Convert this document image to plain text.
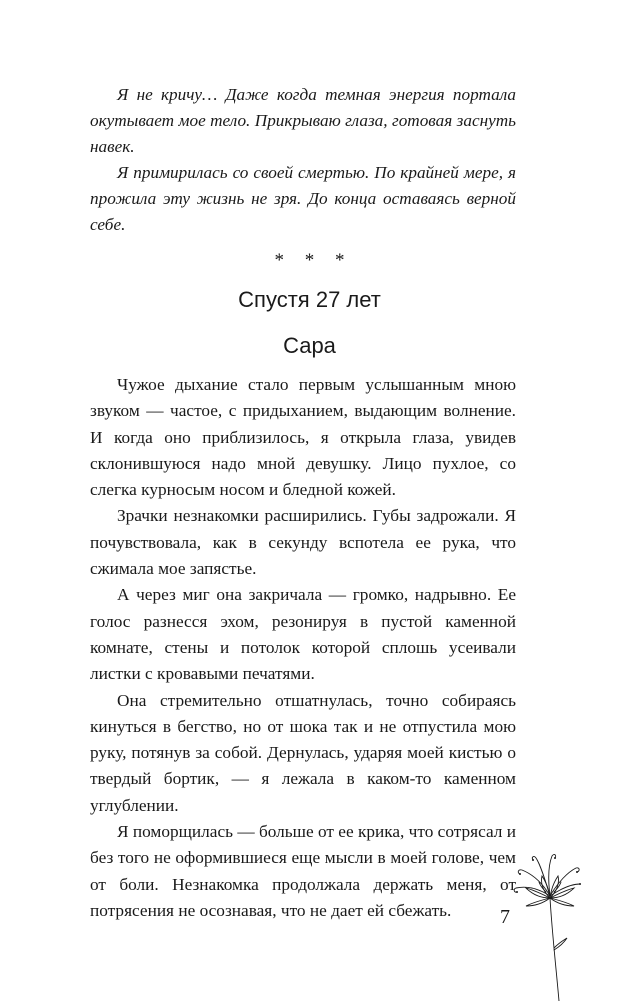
Я не кричу… Даже когда темная энергия портала окутывает мое тело. Прикрываю глаза, готовая заснуть навек.

Я примирилась со своей смертью. По крайней мере, я прожила эту жизнь не зря. До конца оставаясь верной себе.

* * *
Спустя 27 лет
Сара

Чужое дыхание стало первым услышанным мною звуком — частое, с придыханием, выдающим волнение. И когда оно приблизилось, я открыла глаза, увидев склонившуюся надо мной девушку. Лицо пухлое, со слегка курносым носом и бледной кожей.

Зрачки незнакомки расширились. Губы задрожали. Я почувствовала, как в секунду вспотела ее рука, что сжимала мое запястье.

А через миг она закричала — громко, надрывно. Ее голос разнесся эхом, резонируя в пустой каменной комнате, стены и потолок которой сплошь усеивали листки с кровавыми печатями.

Она стремительно отшатнулась, точно собираясь кинуться в бегство, но от шока так и не отпустила мою руку, потянув за собой. Дернулась, ударяя моей кистью о твердый бортик, — я лежала в каком-то каменном углублении.

Я поморщилась — больше от ее крика, что сотрясал и без того не оформившиеся еще мысли в моей голове, чем от боли. Незнакомка продолжала держать меня, от потрясения не осознавая, что не дает ей сбежать.	7
